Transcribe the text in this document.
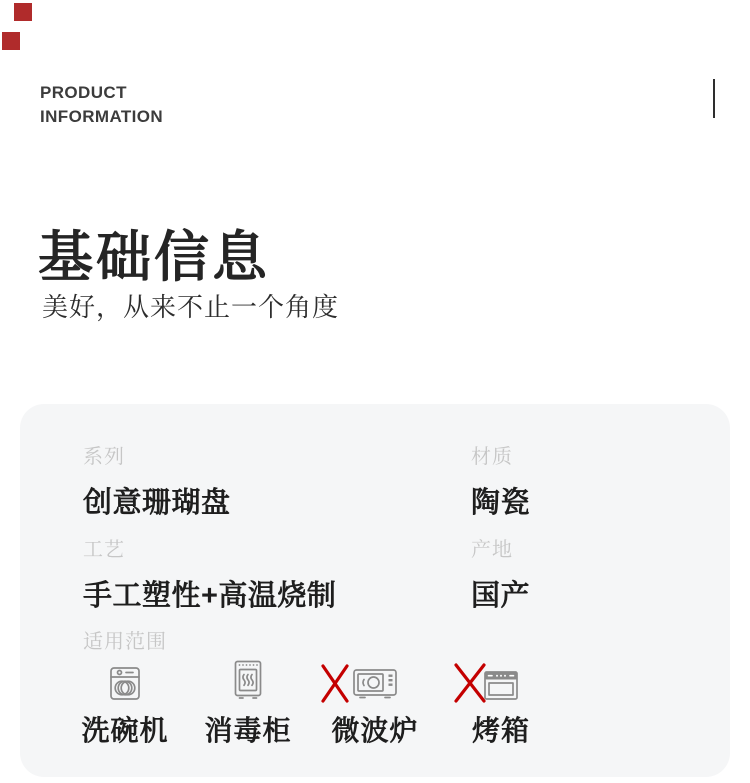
PRODUCT
INFORMATION
基础信息
美好，从来不止一个角度
系列
创意珊瑚盘
材质
陶瓷
工艺
手工塑性+高温烧制
产地
国产
适用范围
洗碗机	消毒柜	微波炉	烤箱
